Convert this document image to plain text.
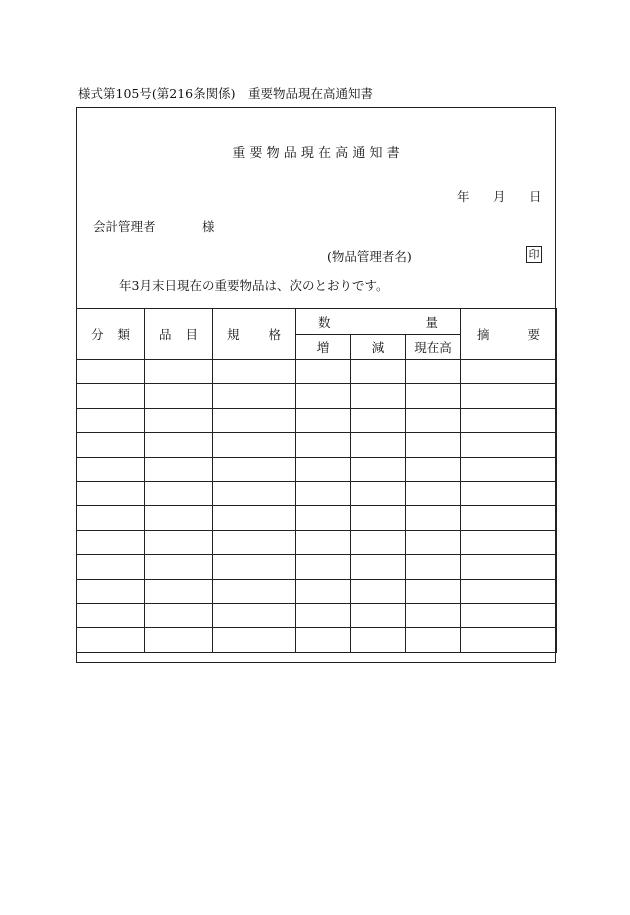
様式第105号(第216条関係)　重要物品現在高通知書
重 要 物 品 現 在 高 通 知 書
年 月 日
会計管理者	様
(物品管理者名)	印
年3月末日現在の重要物品は、次のとおりです。
分 類	品 目	規 格	数 量			摘 要

			増	減	現在高	
